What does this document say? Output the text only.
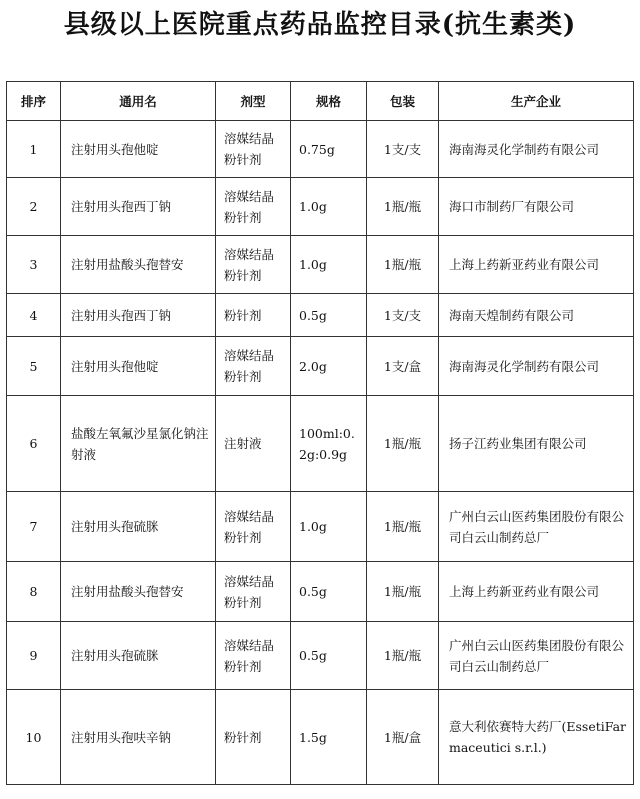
县级以上医院重点药品监控目录(抗生素类)
排序	通用名	剂型	规格	包装	生产企业
1	注射用头孢他啶	溶媒结晶粉针剂	0.75g	1支/支	海南海灵化学制药有限公司
2	注射用头孢西丁钠	溶媒结晶粉针剂	1.0g	1瓶/瓶	海口市制药厂有限公司
3	注射用盐酸头孢替安	溶媒结晶粉针剂	1.0g	1瓶/瓶	上海上药新亚药业有限公司
4	注射用头孢西丁钠	粉针剂	0.5g	1支/支	海南天煌制药有限公司
5	注射用头孢他啶	溶媒结晶粉针剂	2.0g	1支/盒	海南海灵化学制药有限公司
6	盐酸左氧氟沙星氯化钠注射液	注射液	100ml:0.2g:0.9g	1瓶/瓶	扬子江药业集团有限公司
7	注射用头孢硫脒	溶媒结晶粉针剂	1.0g	1瓶/瓶	广州白云山医药集团股份有限公司白云山制药总厂
8	注射用盐酸头孢替安	溶媒结晶粉针剂	0.5g	1瓶/瓶	上海上药新亚药业有限公司
9	注射用头孢硫脒	溶媒结晶粉针剂	0.5g	1瓶/瓶	广州白云山医药集团股份有限公司白云山制药总厂
10	注射用头孢呋辛钠	粉针剂	1.5g	1瓶/盒	意大利依赛特大药厂(EssetiFarmaceutici s.r.l.)
